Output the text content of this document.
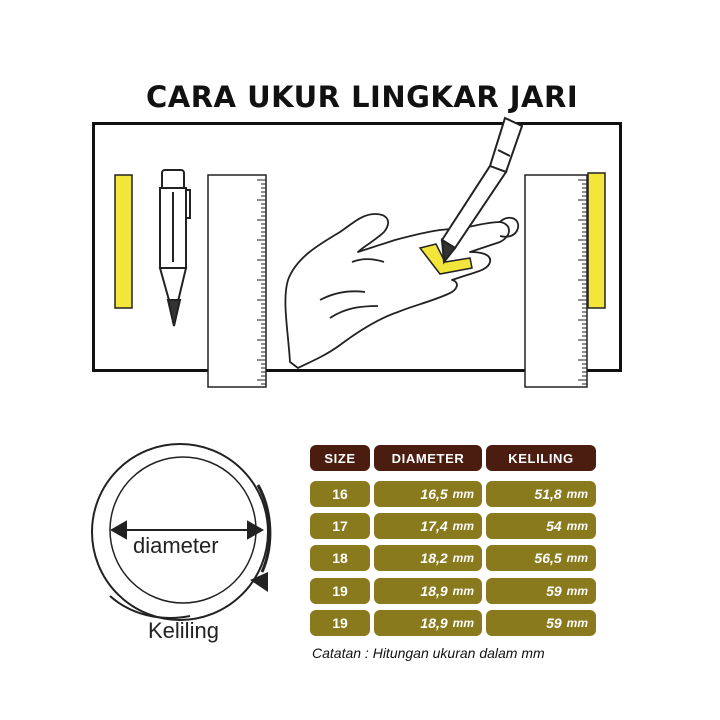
CARA UKUR LINGKAR JARI
diameter
Keliling
SIZE	DIAMETER	KELILING
16	16,5 mm	51,8 mm
17	17,4 mm	54 mm
18	18,2 mm	56,5 mm
19	18,9 mm	59 mm
19	18,9 mm	59 mm
Catatan : Hitungan ukuran dalam mm
